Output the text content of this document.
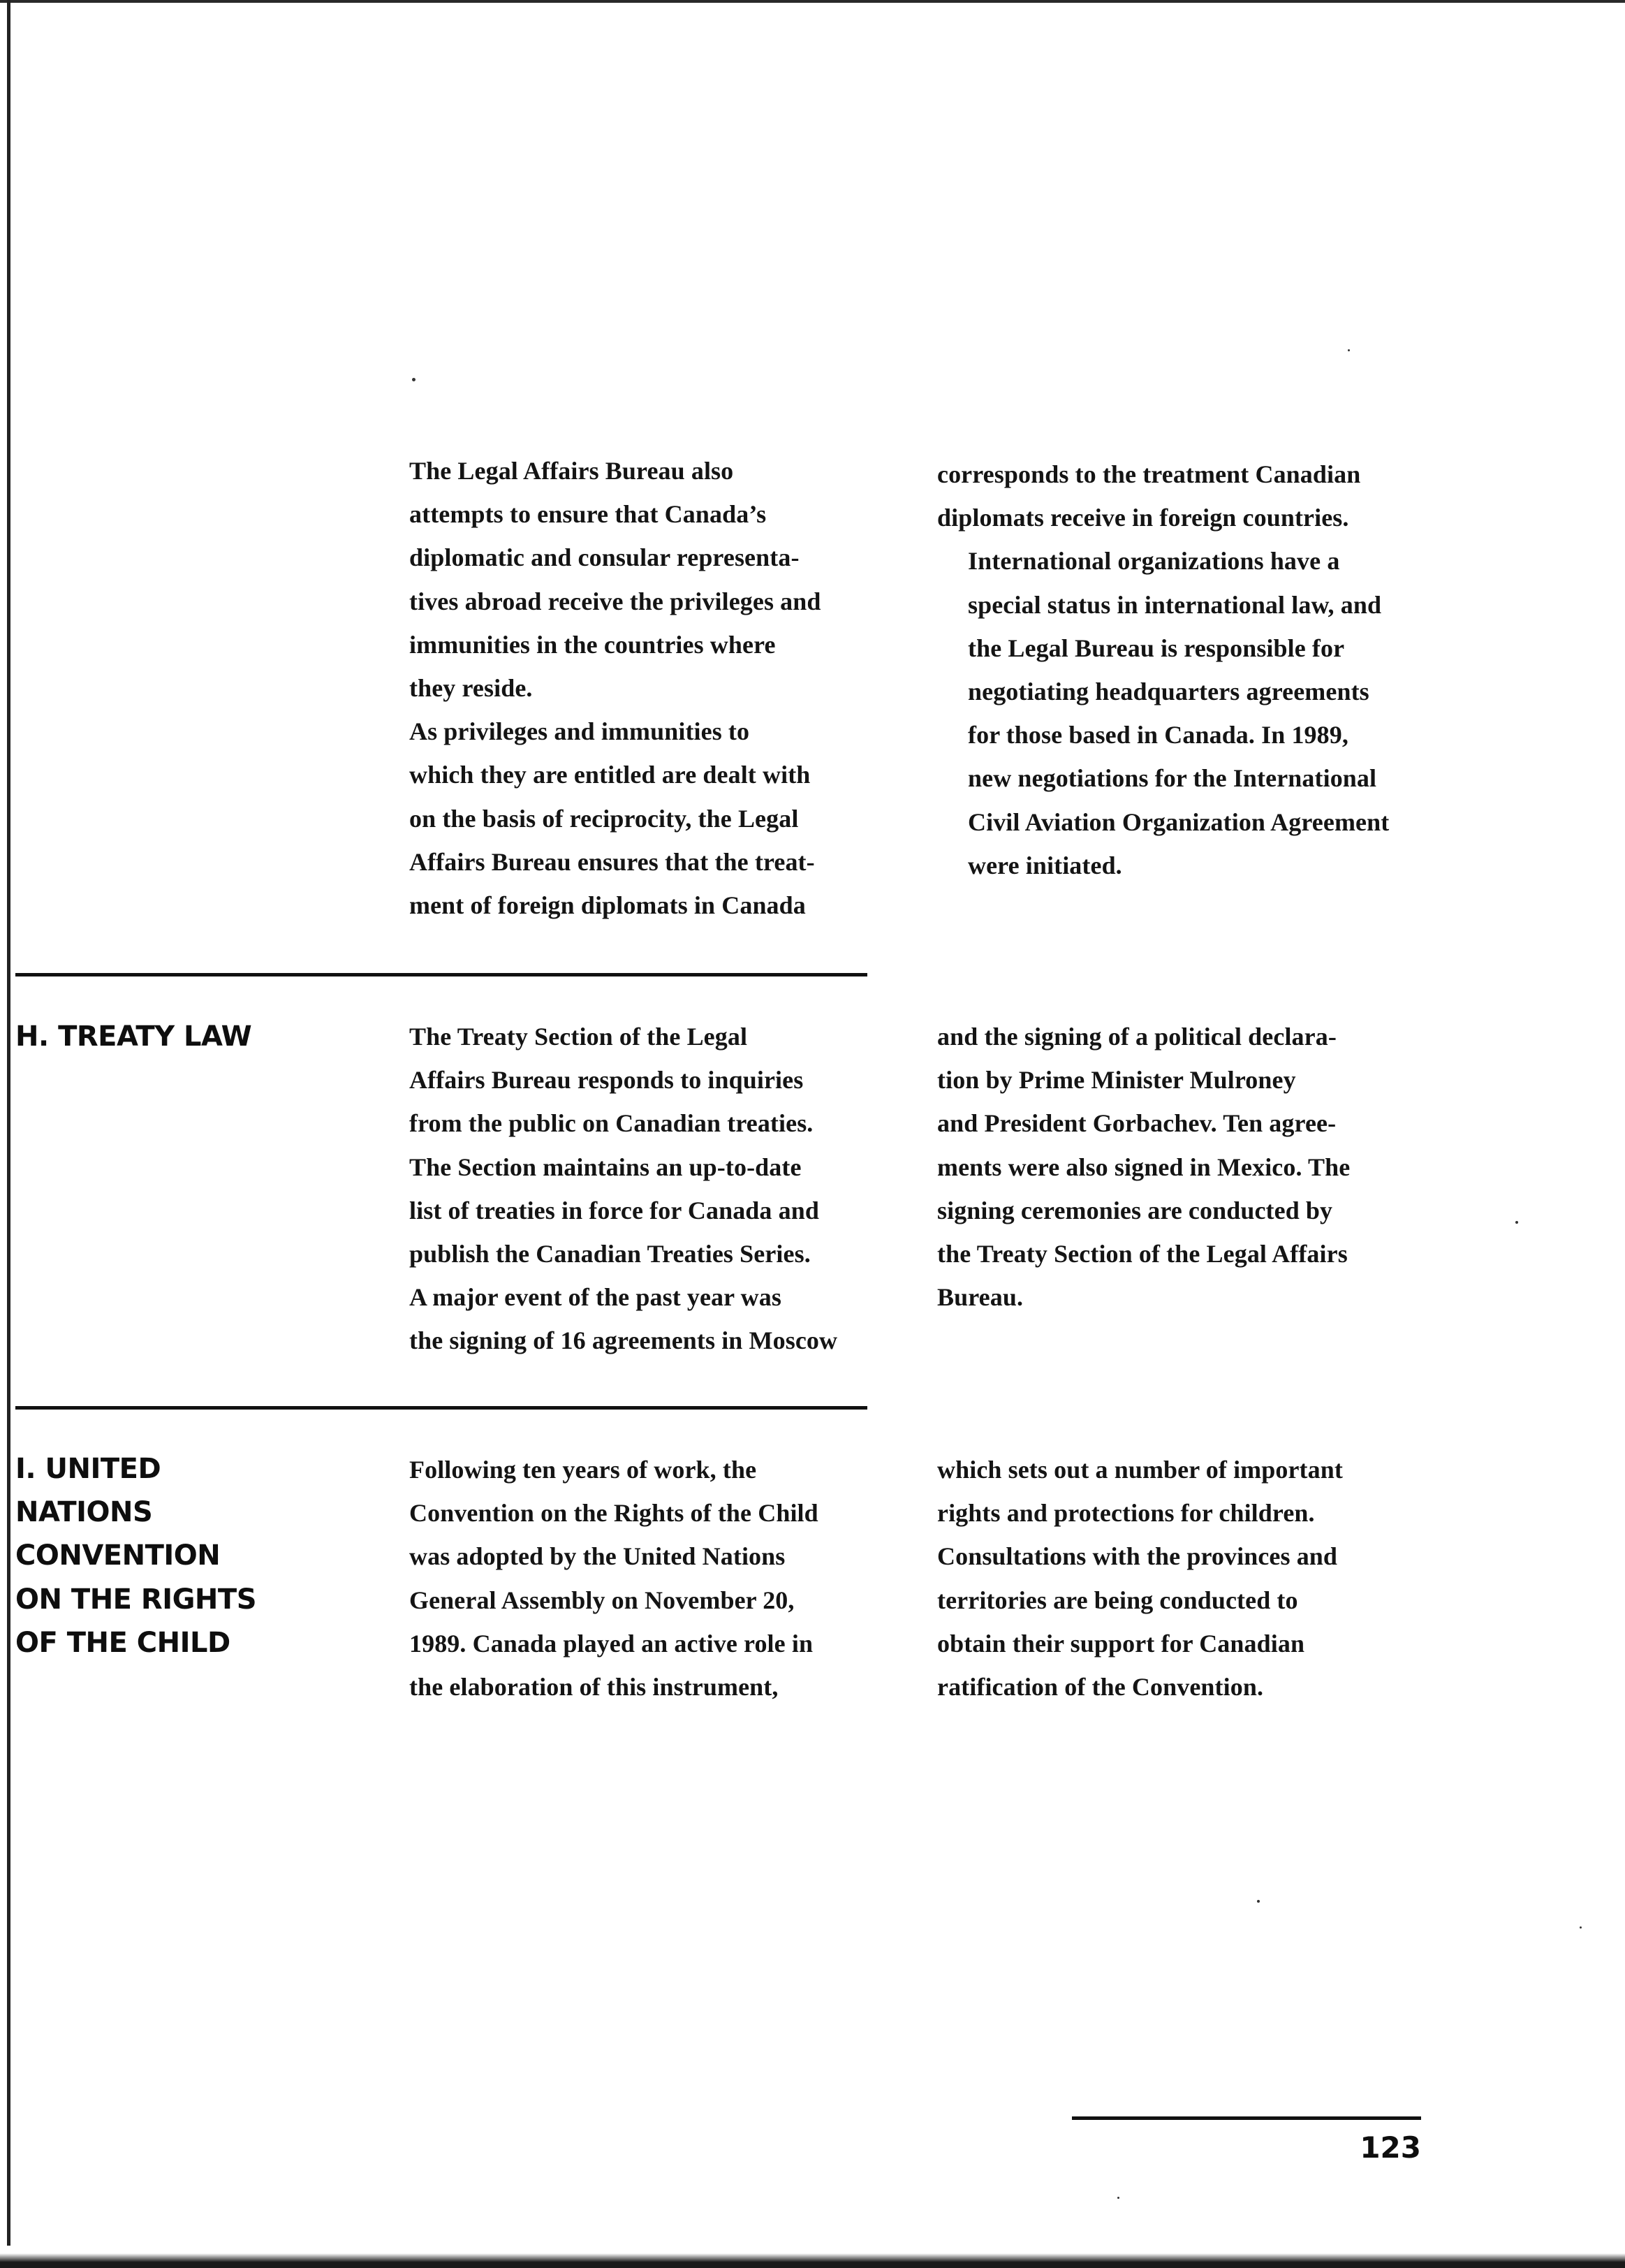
The Legal Affairs Bureau also
attempts to ensure that Canada’s
diplomatic and consular representa-
tives abroad receive the privileges and
immunities in the countries where
they reside.

As privileges and immunities to
which they are entitled are dealt with
on the basis of reciprocity, the Legal
Affairs Bureau ensures that the treat-
ment of foreign diplomats in Canada

corresponds to the treatment Canadian
diplomats receive in foreign countries.

International organizations have a
special status in international law, and
the Legal Bureau is responsible for
negotiating headquarters agreements
for those based in Canada. In 1989,
new negotiations for the International
Civil Aviation Organization Agreement
were initiated.

H. TREATY LAW	The Treaty Section of the Legal
Affairs Bureau responds to inquiries
from the public on Canadian treaties.
The Section maintains an up-to-date
list of treaties in force for Canada and
publish the Canadian Treaties Series.

A major event of the past year was
the signing of 16 agreements in Moscow

and the signing of a political declara-
tion by Prime Minister Mulroney
and President Gorbachev. Ten agree-
ments were also signed in Mexico. The
signing ceremonies are conducted by
the Treaty Section of the Legal Affairs
Bureau.

I. UNITED
NATIONS
CONVENTION
ON THE RIGHTS
OF THE CHILD

Following ten years of work, the
Convention on the Rights of the Child
was adopted by the United Nations
General Assembly on November 20,
1989. Canada played an active role in
the elaboration of this instrument,

which sets out a number of important
rights and protections for children.
Consultations with the provinces and
territories are being conducted to
obtain their support for Canadian
ratification of the Convention.

123
